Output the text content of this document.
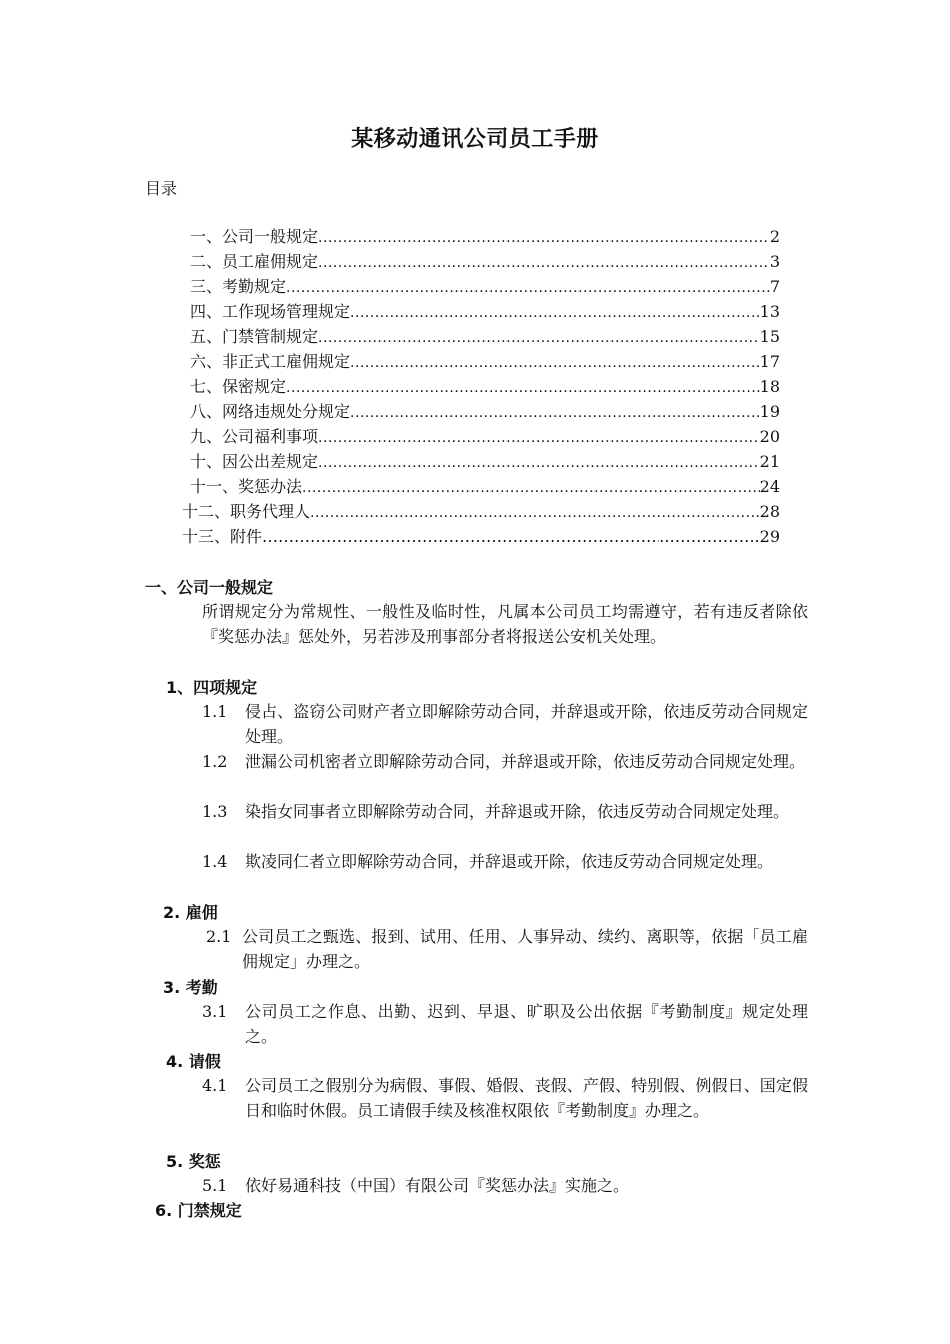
某移动通讯公司员工手册
目录
一、公司一般规定 .....	2
二、员工雇佣规定 .....	3
三、考勤规定 .....	7
四、工作现场管理规定 .....	13
五、门禁管制规定 .....	15
六、非正式工雇佣规定 .....	17
七、保密规定 .....	18
八、网络违规处分规定 .....	19
九、公司福利事项 .....	20
十、因公出差规定 .....	21
十一、奖惩办法 .....	24
十二、职务代理人 .....	28
十三、附件 ………………………………………………………………………………………………………	..……………..29
一、公司一般规定
所谓规定分为常规性、一般性及临时性，凡属本公司员工均需遵守，若有违反者除依『奖惩办法』惩处外，另若涉及刑事部分者将报送公安机关处理。
1、四项规定
1.1 侵占、盗窃公司财产者立即解除劳动合同，并辞退或开除，依违反劳动合同规定处理。
1.2 泄漏公司机密者立即解除劳动合同，并辞退或开除，依违反劳动合同规定处理。
1.3 染指女同事者立即解除劳动合同，并辞退或开除，依违反劳动合同规定处理。
1.4 欺凌同仁者立即解除劳动合同，并辞退或开除，依违反劳动合同规定处理。
2. 雇佣
2.1 公司员工之甄选、报到、试用、任用、人事异动、续约、离职等，依据「员工雇佣规定」办理之。
3. 考勤
3.1 公司员工之作息、出勤、迟到、早退、旷职及公出依据『考勤制度』规定处理之。
4. 请假
4.1 公司员工之假别分为病假、事假、婚假、丧假、产假、特别假、例假日、国定假日和临时休假。员工请假手续及核准权限依『考勤制度』办理之。
5. 奖惩
5.1 依好易通科技（中国）有限公司『奖惩办法』实施之。
6. 门禁规定
